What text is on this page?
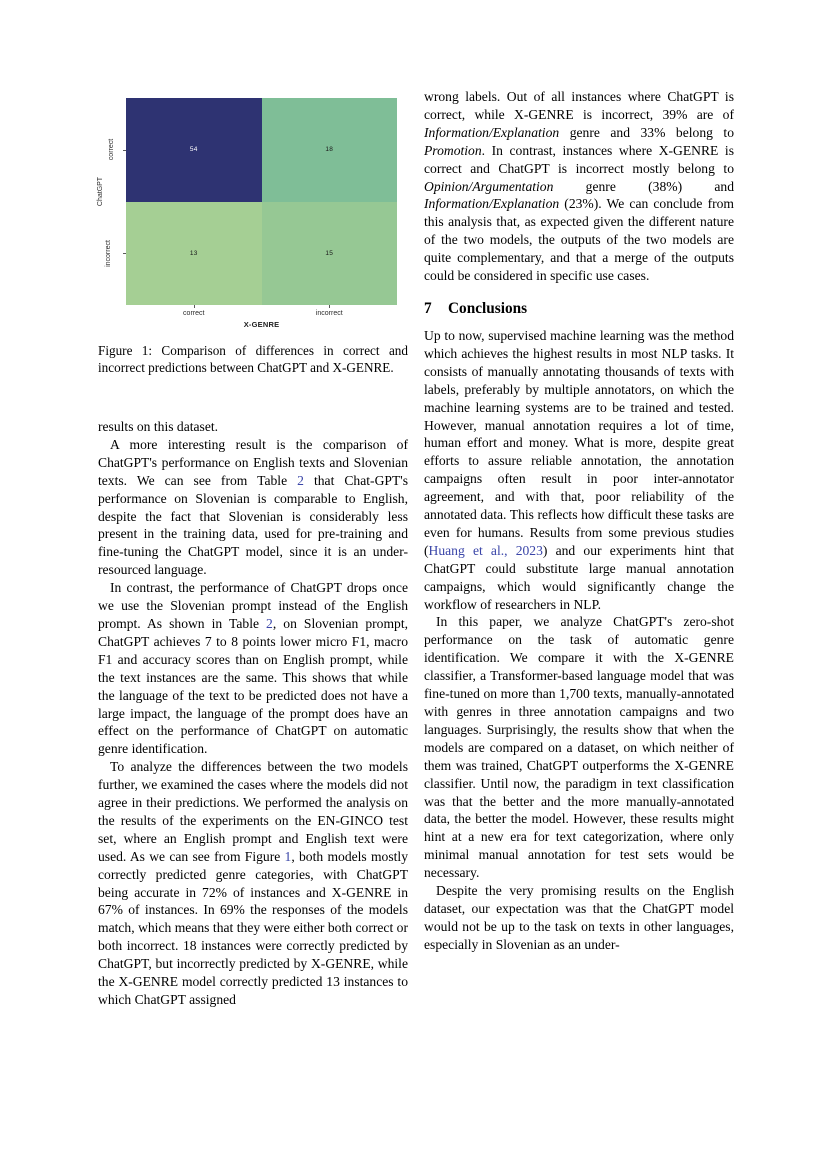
ChatGPT
correct	54	18
incorrect	13	15
correct	incorrect
X-GENRE
Figure 1: Comparison of differences in correct and incorrect predictions between ChatGPT and X-GENRE.

results on this dataset.

A more interesting result is the comparison of ChatGPT's performance on English texts and Slovenian texts. We can see from Table 2 that Chat-GPT's performance on Slovenian is comparable to English, despite the fact that Slovenian is considerably less present in the training data, used for pre-training and fine-tuning the ChatGPT model, since it is an under-resourced language.

In contrast, the performance of ChatGPT drops once we use the Slovenian prompt instead of the English prompt. As shown in Table 2, on Slovenian prompt, ChatGPT achieves 7 to 8 points lower micro F1, macro F1 and accuracy scores than on English prompt, while the text instances are the same. This shows that while the language of the text to be predicted does not have a large impact, the language of the prompt does have an effect on the performance of ChatGPT on automatic genre identification.

To analyze the differences between the two models further, we examined the cases where the models did not agree in their predictions. We performed the analysis on the results of the experiments on the EN-GINCO test set, where an English prompt and English text were used. As we can see from Figure 1, both models mostly correctly predicted genre categories, with ChatGPT being accurate in 72% of instances and X-GENRE in 67% of instances. In 69% the responses of the models match, which means that they were either both correct or both incorrect. 18 instances were correctly predicted by ChatGPT, but incorrectly predicted by X-GENRE, while the X-GENRE model correctly predicted 13 instances to which ChatGPT assigned

wrong labels. Out of all instances where ChatGPT is correct, while X-GENRE is incorrect, 39% are of Information/Explanation genre and 33% belong to Promotion. In contrast, instances where X-GENRE is correct and ChatGPT is incorrect mostly belong to Opinion/Argumentation genre (38%) and Information/Explanation (23%). We can conclude from this analysis that, as expected given the different nature of the two models, the outputs of the two models are quite complementary, and that a merge of the outputs could be considered in specific use cases.

7 Conclusions

Up to now, supervised machine learning was the method which achieves the highest results in most NLP tasks. It consists of manually annotating thousands of texts with labels, preferably by multiple annotators, on which the machine learning systems are to be trained and tested. However, manual annotation requires a lot of time, human effort and money. What is more, despite great efforts to assure reliable annotation, the annotation campaigns often result in poor inter-annotator agreement, and with that, poor reliability of the annotated data. This reflects how difficult these tasks are even for humans. Results from some previous studies (Huang et al., 2023) and our experiments hint that ChatGPT could substitute large manual annotation campaigns, which would significantly change the workflow of researchers in NLP.

In this paper, we analyze ChatGPT's zero-shot performance on the task of automatic genre identification. We compare it with the X-GENRE classifier, a Transformer-based language model that was fine-tuned on more than 1,700 texts, manually-annotated with genres in three annotation campaigns and two languages. Surprisingly, the results show that when the models are compared on a dataset, on which neither of them was trained, ChatGPT outperforms the X-GENRE classifier. Until now, the paradigm in text classification was that the better and the more manually-annotated data, the better the model. However, these results might hint at a new era for text categorization, where only minimal manual annotation for test sets would be necessary.

Despite the very promising results on the English dataset, our expectation was that the ChatGPT model would not be up to the task on texts in other languages, especially in Slovenian as an under-
